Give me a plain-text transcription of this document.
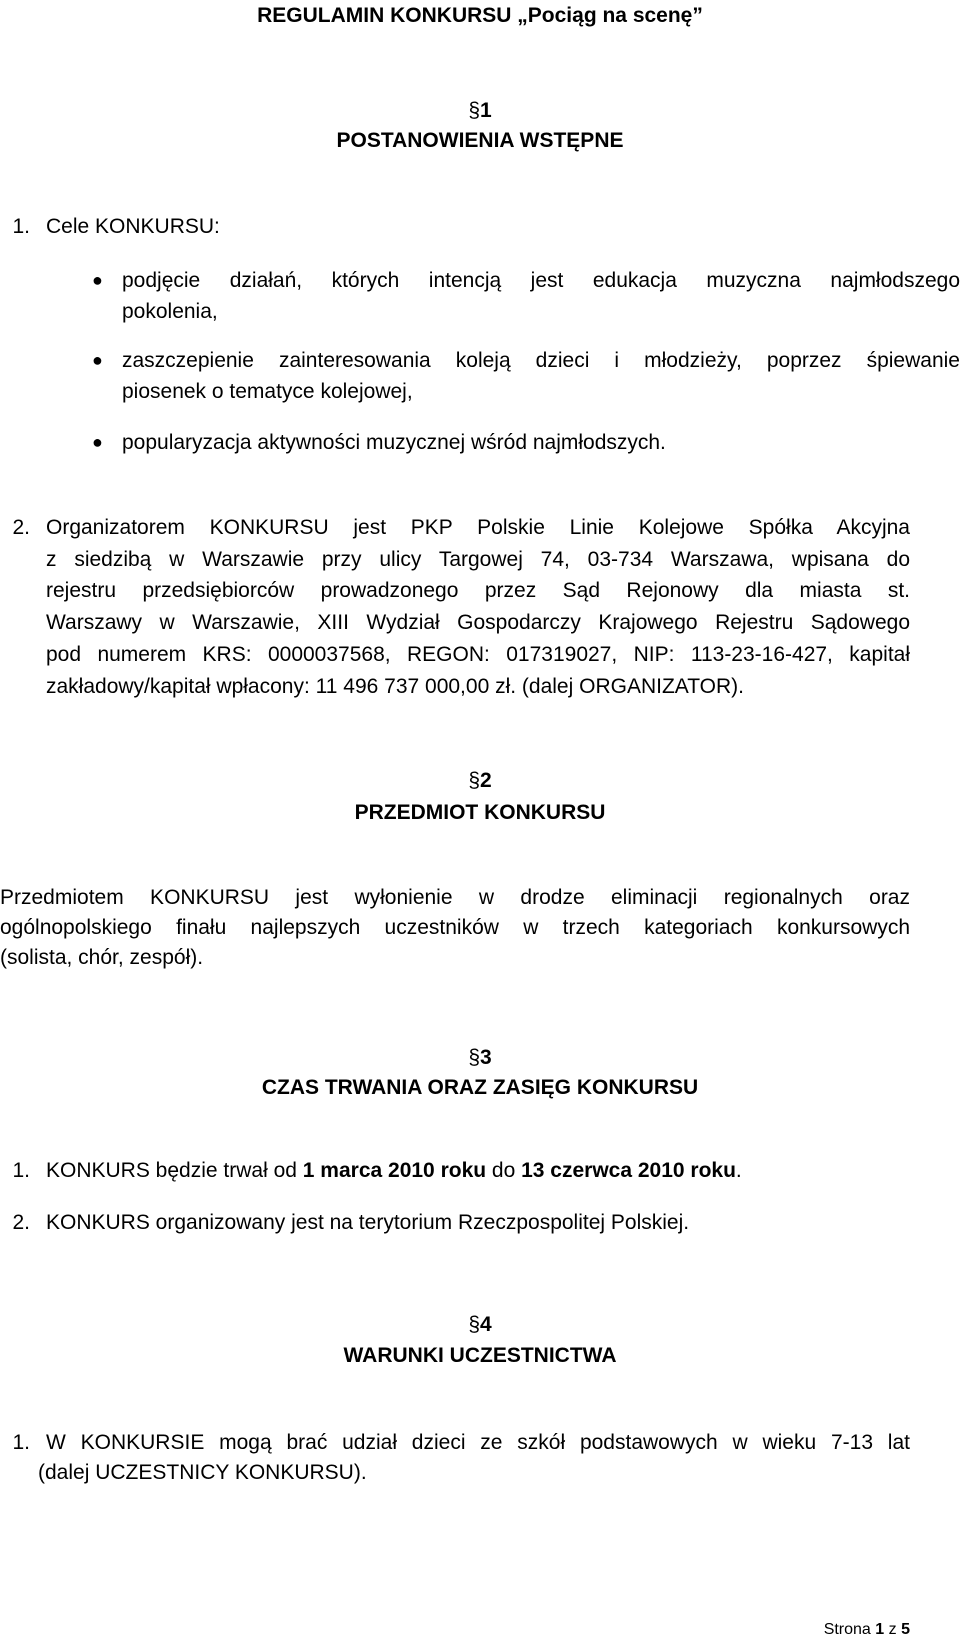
REGULAMIN KONKURSU „Pociąg na scenę”
§1
POSTANOWIENIA WSTĘPNE
1. Cele KONKURSU:
● podjęcie działań, których intencją jest edukacja muzyczna najmłodszego
pokolenia,
● zaszczepienie zainteresowania koleją dzieci i młodzieży, poprzez śpiewanie
piosenek o tematyce kolejowej,
● popularyzacja aktywności muzycznej wśród najmłodszych.
2. Organizatorem KONKURSU jest PKP Polskie Linie Kolejowe Spółka Akcyjna
z siedzibą w Warszawie przy ulicy Targowej 74, 03-734 Warszawa, wpisana do
rejestru przedsiębiorców prowadzonego przez Sąd Rejonowy dla miasta st.
Warszawy w Warszawie, XIII Wydział Gospodarczy Krajowego Rejestru Sądowego
pod numerem KRS: 0000037568, REGON: 017319027, NIP: 113-23-16-427, kapitał
zakładowy/kapitał wpłacony: 11 496 737 000,00 zł. (dalej ORGANIZATOR).
§2
PRZEDMIOT KONKURSU
Przedmiotem KONKURSU jest wyłonienie w drodze eliminacji regionalnych oraz
ogólnopolskiego finału najlepszych uczestników w trzech kategoriach konkursowych
(solista, chór, zespół).
§3
CZAS TRWANIA ORAZ ZASIĘG KONKURSU
1. KONKURS będzie trwał od 1 marca 2010 roku do 13 czerwca 2010 roku.
2. KONKURS organizowany jest na terytorium Rzeczpospolitej Polskiej.
§4
WARUNKI UCZESTNICTWA
1. W KONKURSIE mogą brać udział dzieci ze szkół podstawowych w wieku 7-13 lat
(dalej UCZESTNICY KONKURSU).
Strona 1 z 5
